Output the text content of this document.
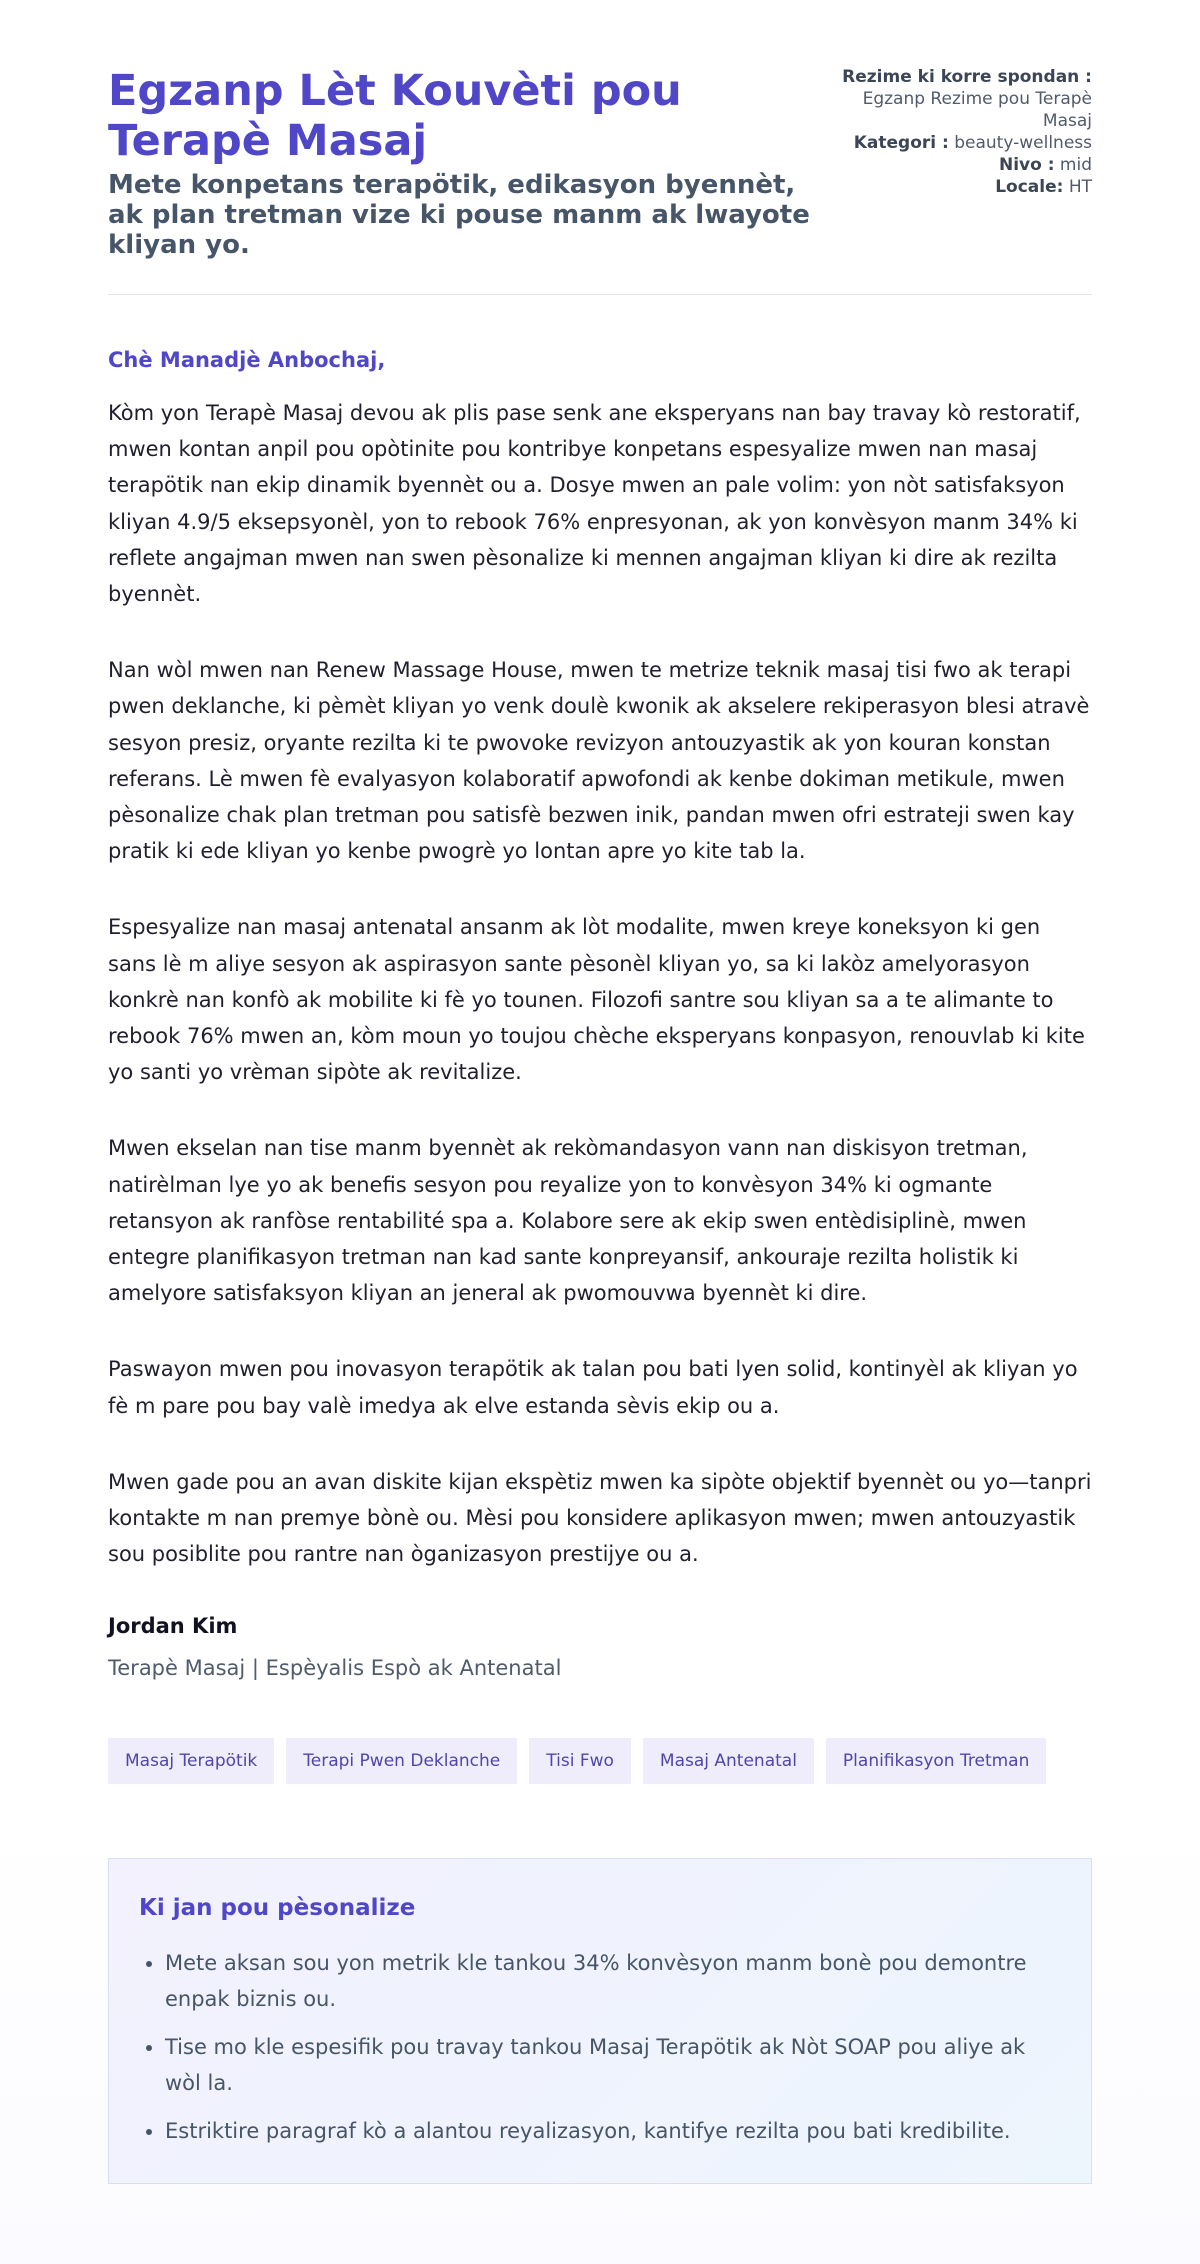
Egzanp Lèt Kouvèti pou Terapè Masaj
Mete konpetans terapötik, edikasyon byennèt, ak plan tretman vize ki pouse manm ak lwayote kliyan yo.
Rezime ki korre spondan :
Egzanp Rezime pou Terapè Masaj
Kategori : beauty-wellness
Nivo : mid
Locale: HT
Chè Manadjè Anbochaj,

Kòm yon Terapè Masaj devou ak plis pase senk ane eksperyans nan bay travay kò restoratif, mwen kontan anpil pou opòtinite pou kontribye konpetans espesyalize mwen nan masaj terapötik nan ekip dinamik byennèt ou a. Dosye mwen an pale volim: yon nòt satisfaksyon kliyan 4.9/5 eksepsyonèl, yon to rebook 76% enpresyonan, ak yon konvèsyon manm 34% ki reflete angajman mwen nan swen pèsonalize ki mennen angajman kliyan ki dire ak rezilta byennèt.

Nan wòl mwen nan Renew Massage House, mwen te metrize teknik masaj tisi fwo ak terapi pwen deklanche, ki pèmèt kliyan yo venk doulè kwonik ak akselere rekiperasyon blesi atravè sesyon presiz, oryante rezilta ki te pwovoke revizyon antouzyastik ak yon kouran konstan referans. Lè mwen fè evalyasyon kolaboratif apwofondi ak kenbe dokiman metikule, mwen pèsonalize chak plan tretman pou satisfè bezwen inik, pandan mwen ofri estrateji swen kay pratik ki ede kliyan yo kenbe pwogrè yo lontan apre yo kite tab la.

Espesyalize nan masaj antenatal ansanm ak lòt modalite, mwen kreye koneksyon ki gen sans lè m aliye sesyon ak aspirasyon sante pèsonèl kliyan yo, sa ki lakòz amelyorasyon konkrè nan konfò ak mobilite ki fè yo tounen. Filozofi santre sou kliyan sa a te alimante to rebook 76% mwen an, kòm moun yo toujou chèche eksperyans konpasyon, renouvlab ki kite yo santi yo vrèman sipòte ak revitalize.

Mwen ekselan nan tise manm byennèt ak rekòmandasyon vann nan diskisyon tretman, natirèlman lye yo ak benefis sesyon pou reyalize yon to konvèsyon 34% ki ogmante retansyon ak ranfòse rentabilité spa a. Kolabore sere ak ekip swen entèdisiplinè, mwen entegre planifikasyon tretman nan kad sante konpreyansif, ankouraje rezilta holistik ki amelyore satisfaksyon kliyan an jeneral ak pwomouvwa byennèt ki dire.

Paswayon mwen pou inovasyon terapötik ak talan pou bati lyen solid, kontinyèl ak kliyan yo fè m pare pou bay valè imedya ak elve estanda sèvis ekip ou a.

Mwen gade pou an avan diskite kijan ekspètiz mwen ka sipòte objektif byennèt ou yo—tanpri kontakte m nan premye bònè ou. Mèsi pou konsidere aplikasyon mwen; mwen antouzyastik sou posiblite pou rantre nan òganizasyon prestijye ou a.

Jordan Kim
Terapè Masaj | Espèyalis Espò ak Antenatal
Masaj Terapötik	Terapi Pwen Deklanche	Tisi Fwo	Masaj Antenatal	Planifikasyon Tretman
Ki jan pou pèsonalize
• Mete aksan sou yon metrik kle tankou 34% konvèsyon manm bonè pou demontre enpak biznis ou.
• Tise mo kle espesifik pou travay tankou Masaj Terapötik ak Nòt SOAP pou aliye ak wòl la.
• Estriktire paragraf kò a alantou reyalizasyon, kantifye rezilta pou bati kredibilite.
